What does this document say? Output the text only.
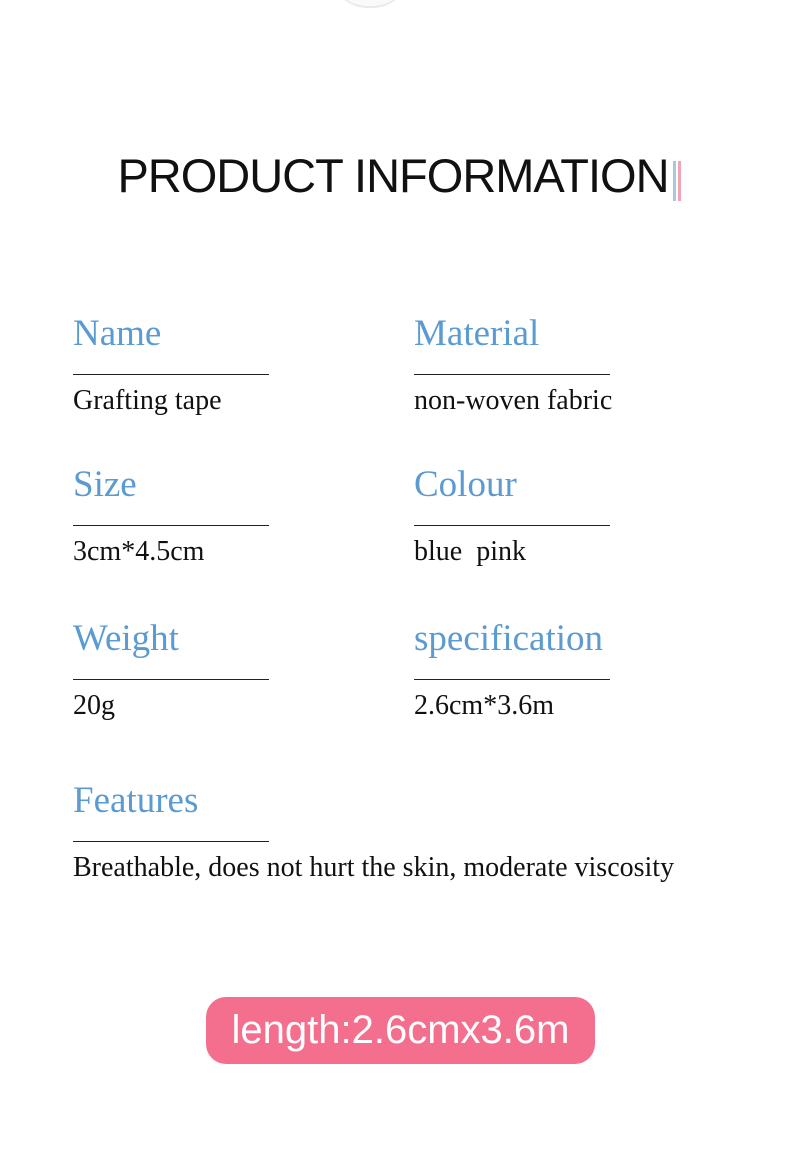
PRODUCT INFORMATION
Name
Grafting tape
Material
non-woven fabric
Size
3cm*4.5cm
Colour
blue  pink
Weight
20g
specification
2.6cm*3.6m
Features
Breathable, does not hurt the skin, moderate viscosity
length:2.6cmx3.6m
